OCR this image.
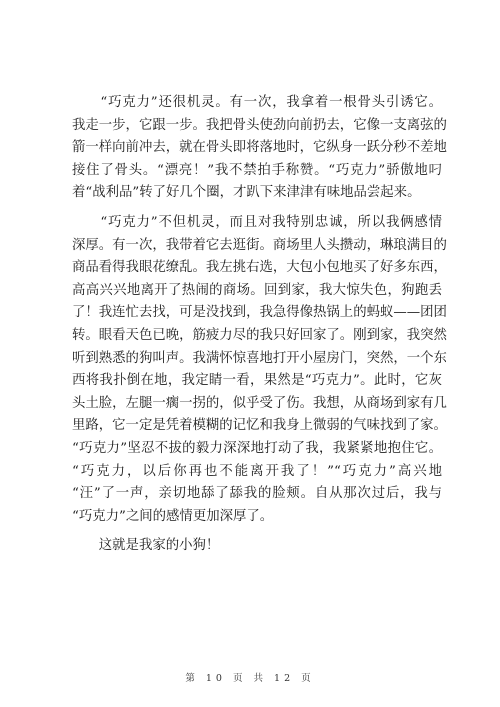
　　“巧克力”还很机灵。有一次，我拿着一根骨头引诱它。
我走一步，它跟一步。我把骨头使劲向前扔去，它像一支离弦的
箭一样向前冲去，就在骨头即将落地时，它纵身一跃分秒不差地
接住了骨头。“漂亮！”我不禁拍手称赞。“巧克力”骄傲地叼
着“战利品”转了好几个圈，才趴下来津津有味地品尝起来。
　　“巧克力”不但机灵，而且对我特别忠诚，所以我俩感情
深厚。有一次，我带着它去逛街。商场里人头攒动，琳琅满目的
商品看得我眼花缭乱。我左挑右选，大包小包地买了好多东西，
高高兴兴地离开了热闹的商场。回到家，我大惊失色，狗跑丢
了！我连忙去找，可是没找到，我急得像热锅上的蚂蚁——团团
转。眼看天色已晚，筋疲力尽的我只好回家了。刚到家，我突然
听到熟悉的狗叫声。我满怀惊喜地打开小屋房门，突然，一个东
西将我扑倒在地，我定睛一看，果然是“巧克力”。此时，它灰
头土脸，左腿一瘸一拐的，似乎受了伤。我想，从商场到家有几
里路，它一定是凭着模糊的记忆和我身上微弱的气味找到了家。
“巧克力”坚忍不拔的毅力深深地打动了我，我紧紧地抱住它。
“巧克力，以后你再也不能离开我了！”“巧克力”高兴地
“汪”了一声，亲切地舔了舔我的脸颊。自从那次过后，我与
“巧克力”之间的感情更加深厚了。
　　这就是我家的小狗！
第 10 页 共 12 页
